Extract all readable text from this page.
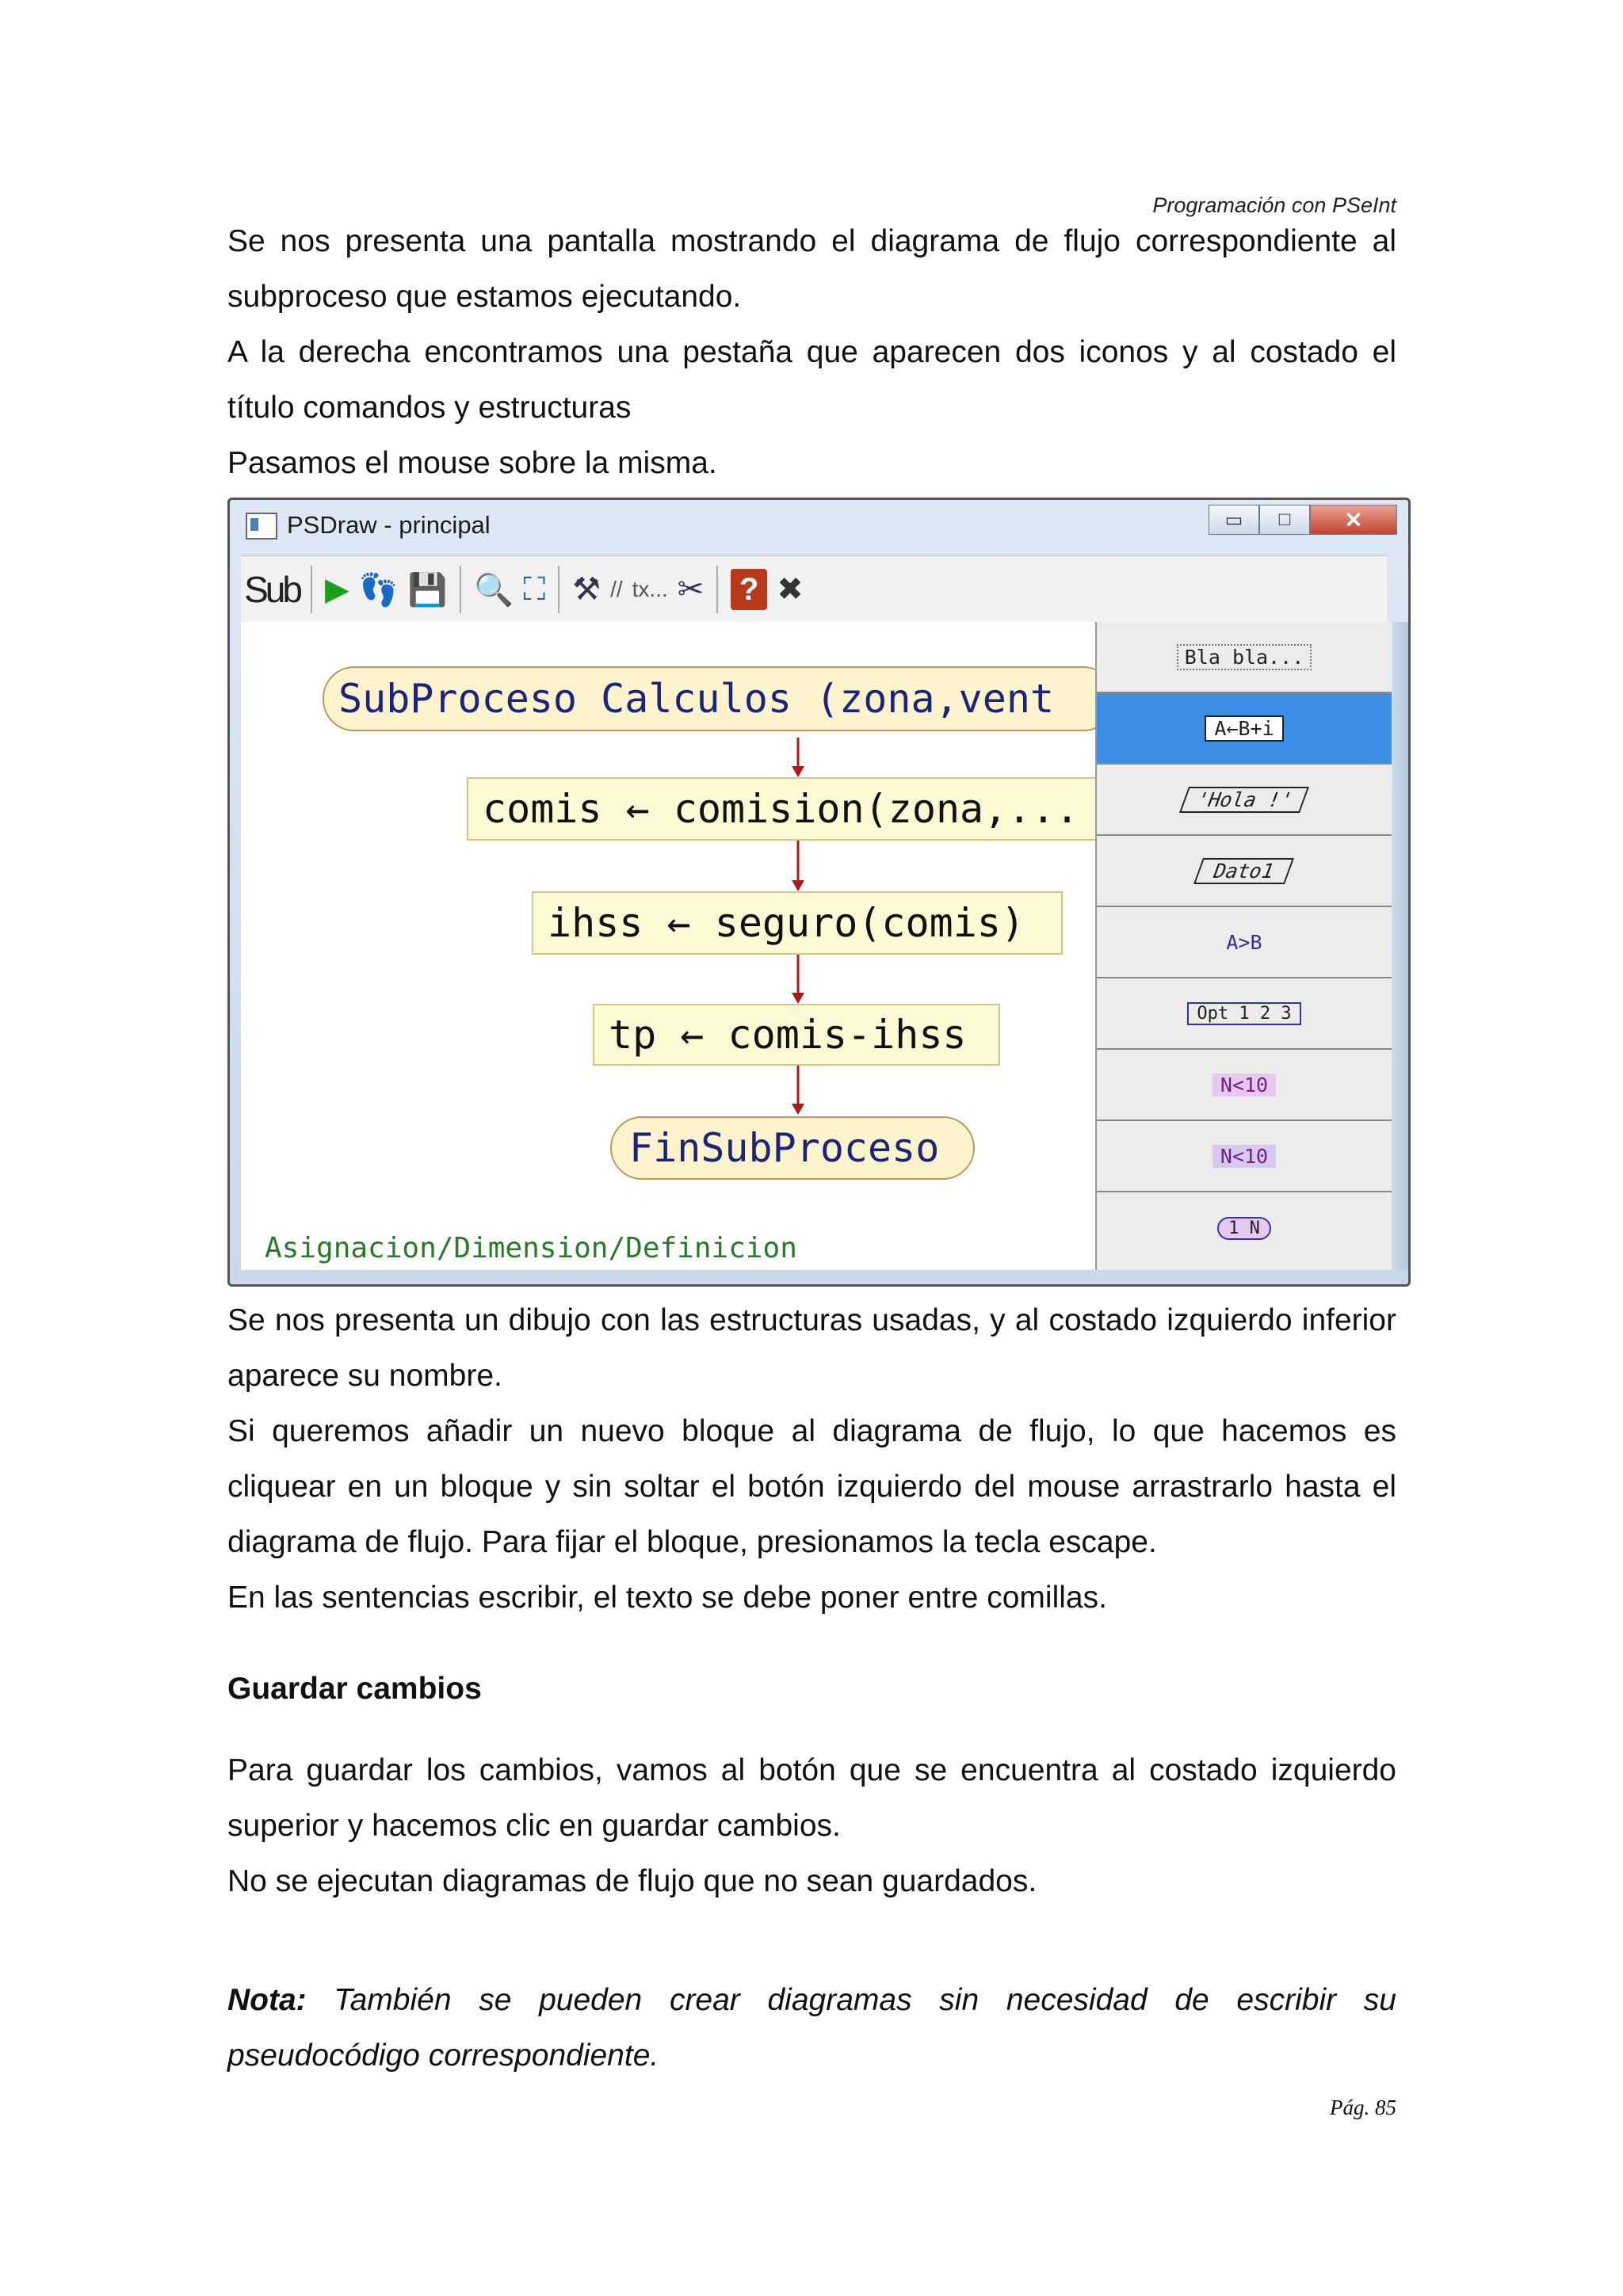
Programación con PSeInt

Se nos presenta una pantalla mostrando el diagrama de flujo correspondiente al subproceso que estamos ejecutando.

A la derecha encontramos una pestaña que aparecen dos iconos y al costado el título comandos y estructuras

Pasamos el mouse sobre la misma.

PSDraw - principal	▭	□	✕
Sub ▶ 👣 💾 🔍 ⛶ ⚒ // tx... ✂ ? ✖
SubProceso Calculos (zona,vent
comis ← comision(zona,...
ihss ← seguro(comis)
tp ← comis-ihss
FinSubProceso
Asignacion/Dimension/Definicion
Bla bla...
A←B+i
'Hola !'
Dato1
A>B
Opt 1 2 3
N<10
N<10
1 N

Se nos presenta un dibujo con las estructuras usadas, y al costado izquierdo inferior aparece su nombre.

Si queremos añadir un nuevo bloque al diagrama de flujo, lo que hacemos es cliquear en un bloque y sin soltar el botón izquierdo del mouse arrastrarlo hasta el diagrama de flujo. Para fijar el bloque, presionamos la tecla escape.

En las sentencias escribir, el texto se debe poner entre comillas.

Guardar cambios

Para guardar los cambios, vamos al botón que se encuentra al costado izquierdo superior y hacemos clic en guardar cambios.

No se ejecutan diagramas de flujo que no sean guardados.

Nota: También se pueden crear diagramas sin necesidad de escribir su pseudocódigo correspondiente.

Pág. 85
